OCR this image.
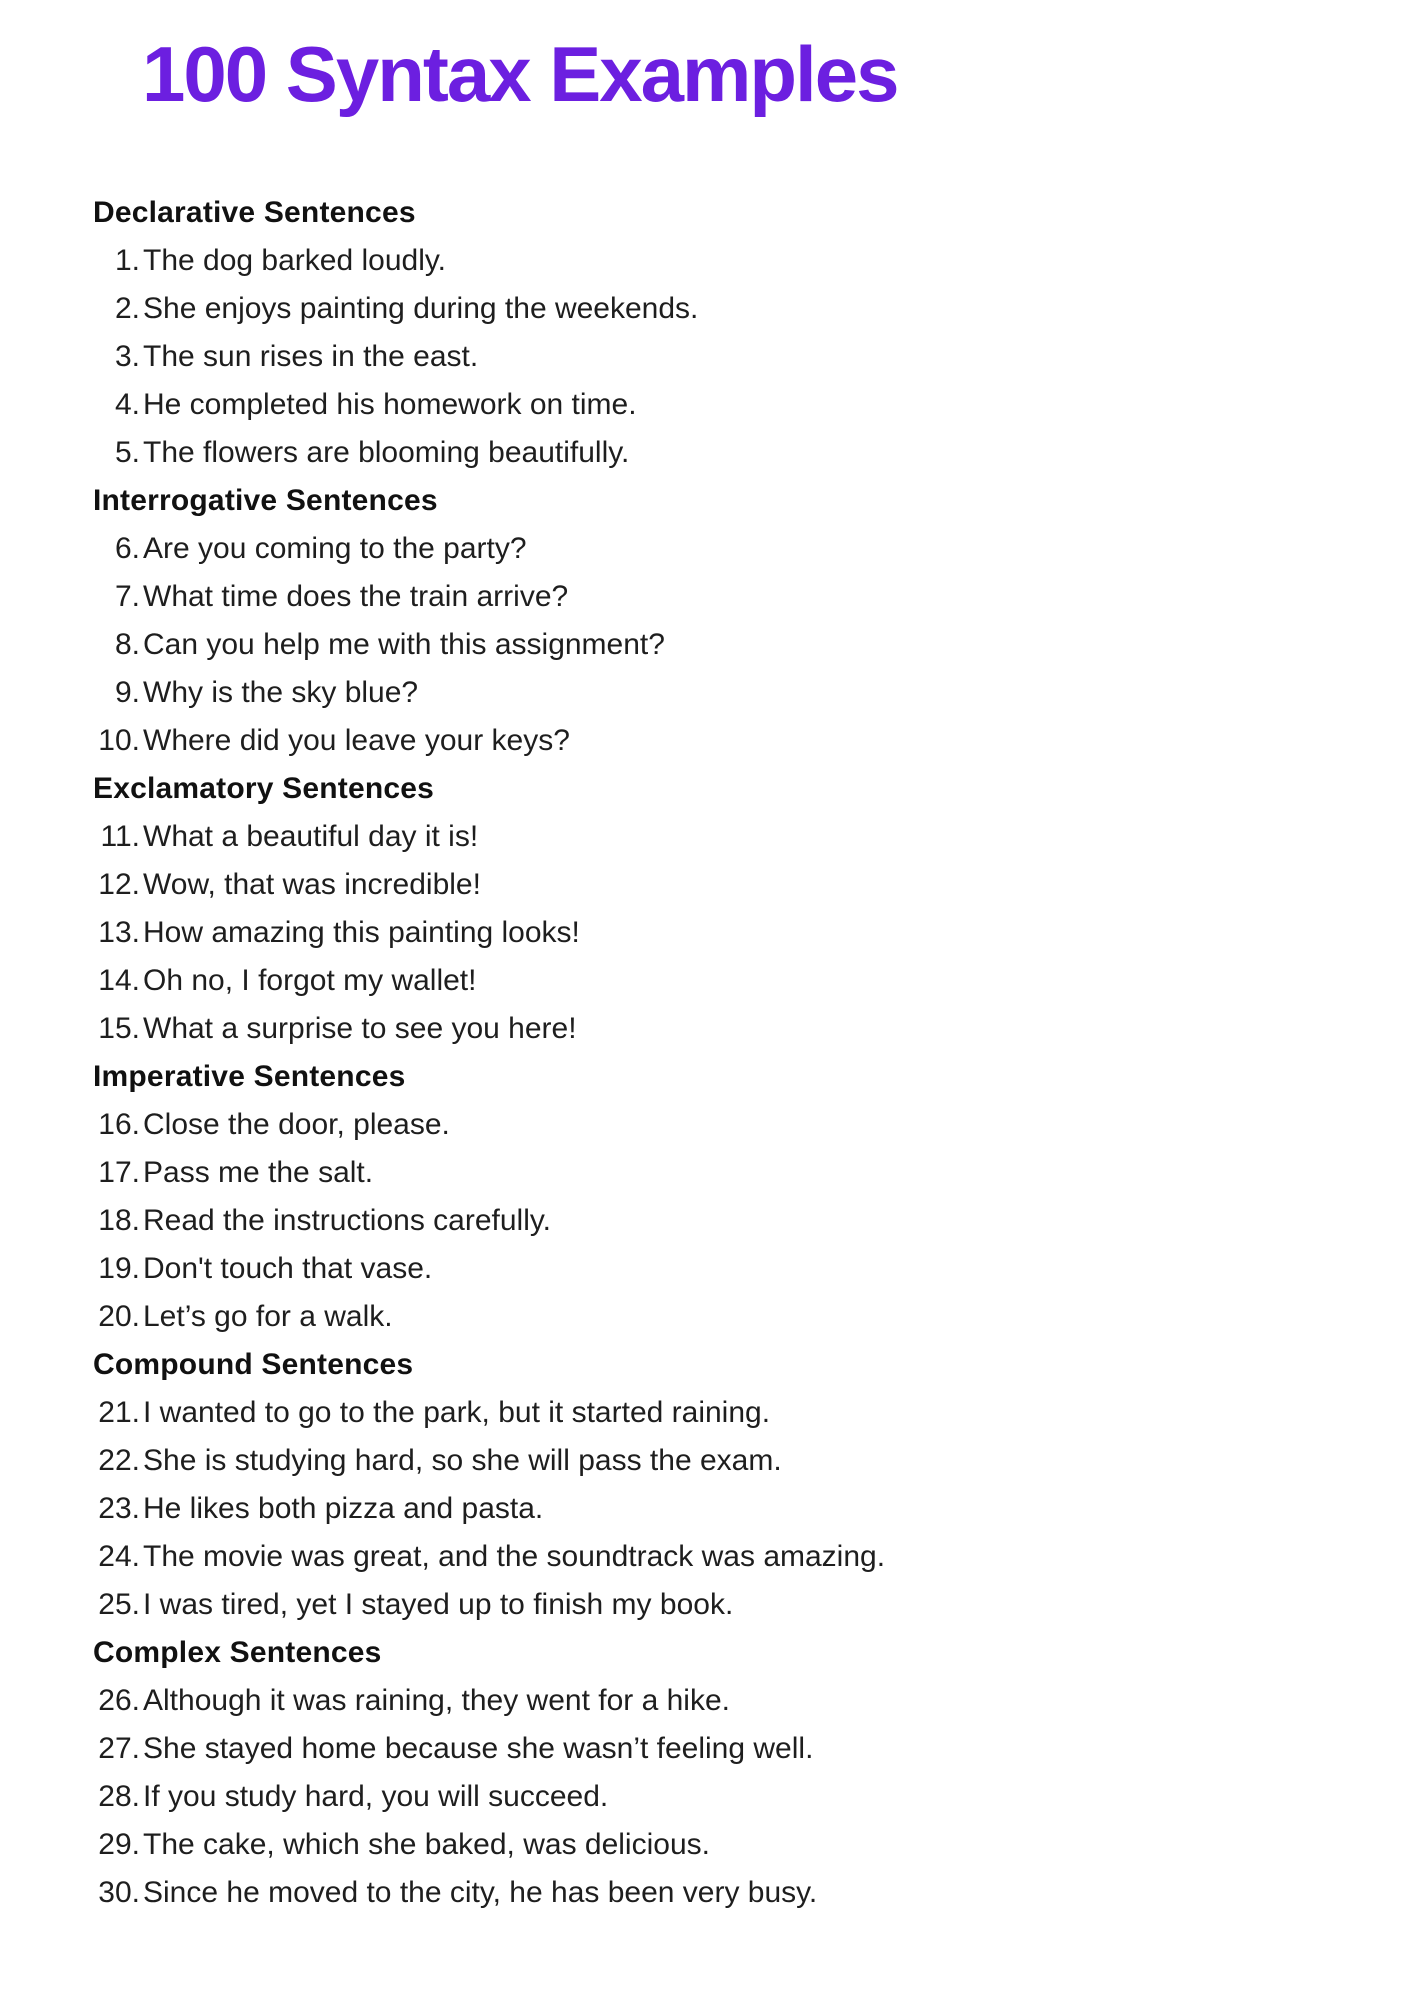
100 Syntax Examples
Declarative Sentences
1. The dog barked loudly.
2. She enjoys painting during the weekends.
3. The sun rises in the east.
4. He completed his homework on time.
5. The flowers are blooming beautifully.
Interrogative Sentences
6. Are you coming to the party?
7. What time does the train arrive?
8. Can you help me with this assignment?
9. Why is the sky blue?
10. Where did you leave your keys?
Exclamatory Sentences
11. What a beautiful day it is!
12. Wow, that was incredible!
13. How amazing this painting looks!
14. Oh no, I forgot my wallet!
15. What a surprise to see you here!
Imperative Sentences
16. Close the door, please.
17. Pass me the salt.
18. Read the instructions carefully.
19. Don't touch that vase.
20. Let’s go for a walk.
Compound Sentences
21. I wanted to go to the park, but it started raining.
22. She is studying hard, so she will pass the exam.
23. He likes both pizza and pasta.
24. The movie was great, and the soundtrack was amazing.
25. I was tired, yet I stayed up to finish my book.
Complex Sentences
26. Although it was raining, they went for a hike.
27. She stayed home because she wasn’t feeling well.
28. If you study hard, you will succeed.
29. The cake, which she baked, was delicious.
30. Since he moved to the city, he has been very busy.
